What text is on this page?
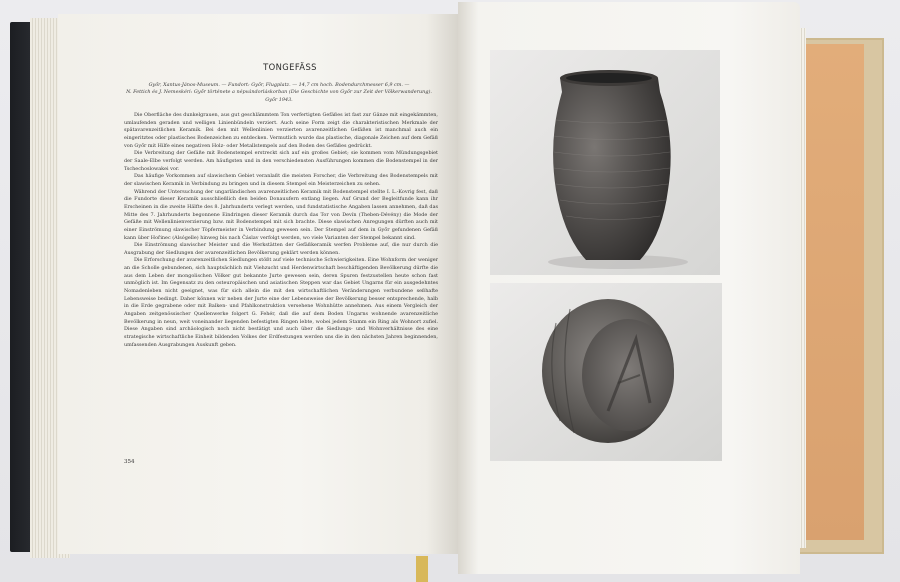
TONGEFÄSS
Győr, Xantus-János-Museum. — Fundort: Győr, Flugplatz. — 14,7 cm hoch. Bodendurchmesser 6,9 cm. —
N. Fettich és J. Nemeskéri: Győr története a népvándorláskorban (Die Geschichte von Győr zur Zeit der Völkerwanderung).
Győr 1943.

Die Oberfläche des dunkelgrauen, aus gut geschlämmtem Ton verfertigten Gefäßes ist fast zur Gänze mit eingekämmten, umlaufenden geraden und welligen Linienbündeln verziert. Auch seine Form zeigt die charakteristischen Merkmale der spätavarenzeitlichen Keramik. Bei den mit Wellenlinien verzierten avarenzeitlichen Gefäßen ist manchmal auch ein eingeritztes oder plastisches Bodenzeichen zu entdecken. Vermutlich wurde das plastische, diagonale Zeichen auf dem Gefäß von Győr mit Hilfe eines negativen Holz- oder Metallstempels auf den Boden des Gefäßes gedrückt.

Die Verbreitung der Gefäße mit Bodenstempel erstreckt sich auf ein großes Gebiet; sie kommen vom Mündungsgebiet der Saale-Elbe verfolgt werden. Am häufigsten und in den verschiedensten Ausführungen kommen die Bodenstempel in der Tschechoslowakei vor.

Das häufige Vorkommen auf slawischem Gebiet veranlaßt die meisten Forscher, die Verbreitung des Bodenstempels mit der slawischen Keramik in Verbindung zu bringen und in diesem Stempel ein Meisterzeichen zu sehen.

Während der Untersuchung der ungarländischen avarenzeitlichen Keramik mit Bodenstempel stellte I. L.-Kovrig fest, daß die Fundorte dieser Keramik ausschließlich den beiden Donauufern entlang liegen. Auf Grund der Begleitfunde kann ihr Erscheinen in die zweite Hälfte des 8. Jahrhunderts verlegt werden, und fundstatistische Angaben lassen annehmen, daß das Mitte des 7. Jahrhunderts begonnene Eindringen dieser Keramik durch das Tor von Devín (Theben-Dévény) die Mode der Gefäße mit Wellenlinienverzierung bzw. mit Bodenstempel mit sich brachte. Diese slawischen Anregungen dürften auch mit einer Einströmung slawischer Töpfermeister in Verbindung gewesen sein. Der Stempel auf dem in Győr gefundenen Gefäß kann über Hořinec (Alsógelle) hinweg bis nach Čáslav verfolgt werden, wo viele Varianten der Stempel bekannt sind.

Die Einströmung slawischer Meister und die Werkstätten der Gefäßkeramik werfen Probleme auf, die nur durch die Ausgrabung der Siedlungen der avarenzeitlichen Bevölkerung geklärt werden können.

Die Erforschung der avarenzeitlichen Siedlungen stößt auf viele technische Schwierigkeiten. Eine Wohnform der weniger an die Scholle gebundenen, sich hauptsächlich mit Viehzucht und Herdenwirtschaft beschäftigenden Bevölkerung dürfte die aus dem Leben der mongolischen Völker gut bekannte Jurte gewesen sein, deren Spuren festzustellen heute schon fast unmöglich ist. Im Gegensatz zu den osteuropäischen und asiatischen Steppen war das Gebiet Ungarns für ein ausgedehntes Nomadenleben nicht geeignet, was für sich allein die mit den wirtschaftlichen Veränderungen verbundene seßhafte Lebensweise bedingt. Daher können wir neben der Jurte eine der Lebensweise der Bevölkerung besser entsprechende, halb in die Erde gegrabene oder mit Balken- und Pfahlkonstruktion versehene Wohnhütte annehmen. Aus einem Vergleich der Angaben zeitgenössischer Quellenwerke folgert G. Fehér, daß die auf dem Boden Ungarns wohnende avarenzeitliche Bevölkerung in neun, weit voneinander liegenden befestigten Ringen lebte, wobei jedem Stamm ein Ring als Wohnort zufiel. Diese Angaben sind archäologisch noch nicht bestätigt und auch über die Siedlungs- und Wohnverhältnisse des eine strategische wirtschaftliche Einheit bildenden Volkes der Erdfestungen werden uns die in den nächsten Jahren beginnenden, umfassenden Ausgrabungen Auskunft geben.

354
